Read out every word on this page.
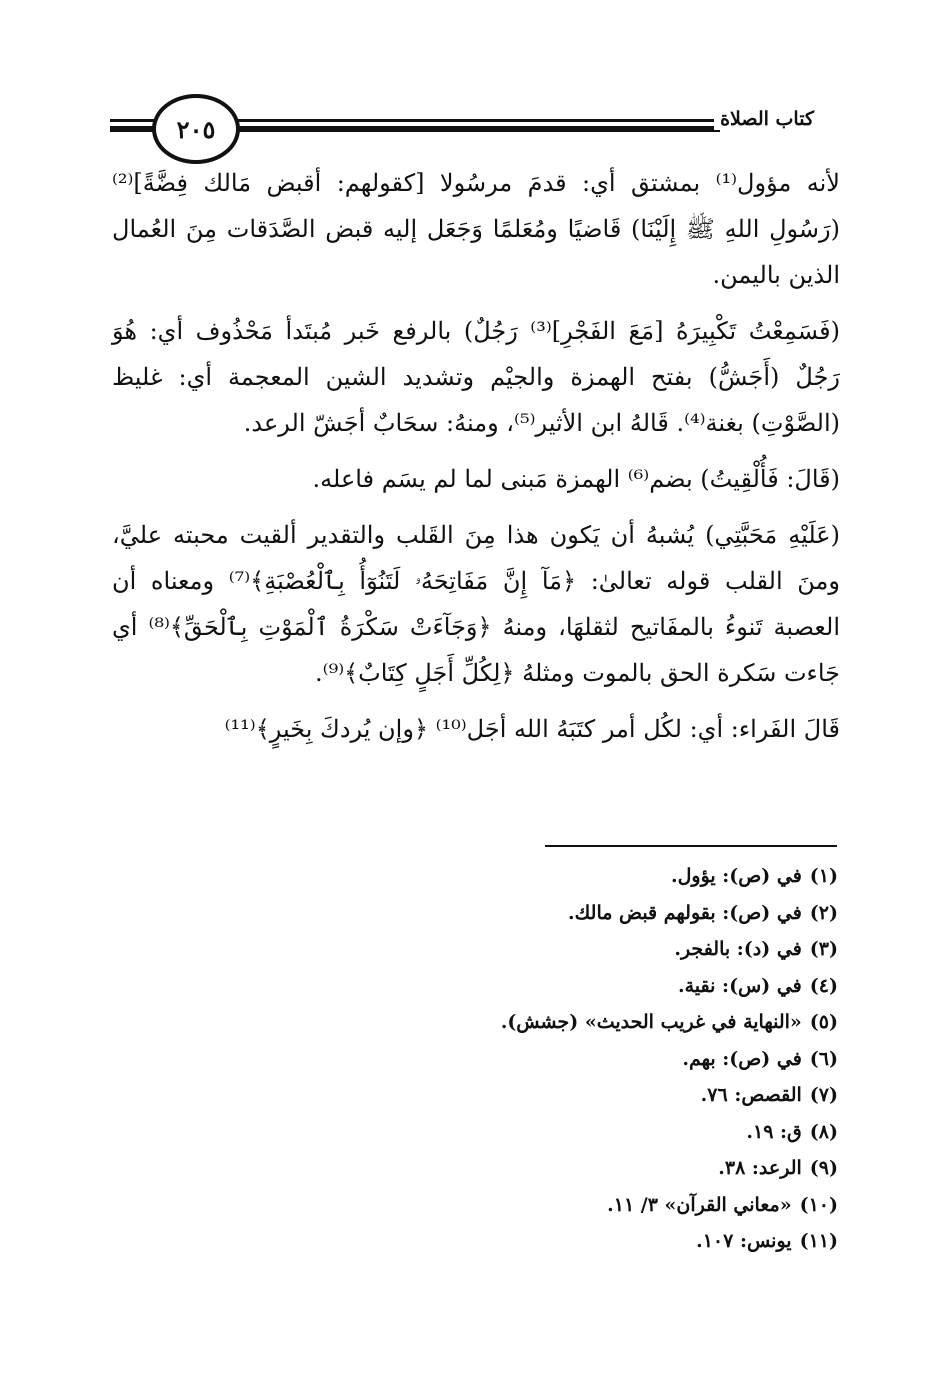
كتاب الصلاة
٢٠٥

لأنه مؤول⁽¹⁾ بمشتق أي: قدمَ مرسُولا [كقولهم: أقبض مَالك فِضَّةً]⁽²⁾ (رَسُولِ اللهِ ﷺ إِلَيْنَا) قَاضيًا ومُعَلمًا وَجَعَل إليه قبض الصَّدَقات مِنَ العُمال الذين باليمن.

(فَسَمِعْتُ تَكْبِيرَهُ [مَعَ الفَجْرِ]⁽³⁾ رَجُلٌ) بالرفع خَبر مُبتَدأ مَحْذُوف أي: هُوَ رَجُلٌ (أَجَشُّ) بفتح الهمزة والجيْم وتشديد الشين المعجمة أي: غليظ (الصَّوْتِ) بغنة⁽⁴⁾. قَالهُ ابن الأثير⁽⁵⁾، ومنهُ: سحَابٌ أجَشّ الرعد.

(قَالَ: فَأُلْقِيتُ) بضم⁽⁶⁾ الهمزة مَبنى لما لم يسَم فاعله.

(عَلَيْهِ مَحَبَّتِي) يُشبهُ أن يَكون هذا مِنَ القَلب والتقدير ألقيت محبته عليَّ، ومنَ القلب قوله تعالىٰ: ﴿مَآ إِنَّ مَفَاتِحَهُۥ لَتَنُوٓأُ بِٱلْعُصْبَةِ﴾⁽⁷⁾ ومعناه أن العصبة تَنوءُ بالمفَاتيح لثقلهَا، ومنهُ ﴿وَجَآءَتْ سَكْرَةُ ٱلْمَوْتِ بِٱلْحَقِّ﴾⁽⁸⁾ أي جَاءت سَكرة الحق بالموت ومثلهُ ﴿لِكُلِّ أَجَلٍ كِتَابٌ﴾⁽⁹⁾.

قَالَ الفَراء: أي: لكُل أمر كتَبَهُ الله أجَل⁽¹⁰⁾ ﴿وإن يُردكَ بِخَيرٍ﴾⁽¹¹⁾

(١)في (ص): يؤول.
(٢)في (ص): بقولهم قبض مالك.
(٣)في (د): بالفجر.
(٤)في (س): نقية.
(٥)«النهاية في غريب الحديث» (جشش).
(٦)في (ص): بهم.
(٧)القصص: ٧٦.
(٨)ق: ١٩.
(٩)الرعد: ٣٨.
(١٠)«معاني القرآن» ٣/ ١١.
(١١)يونس: ١٠٧.
